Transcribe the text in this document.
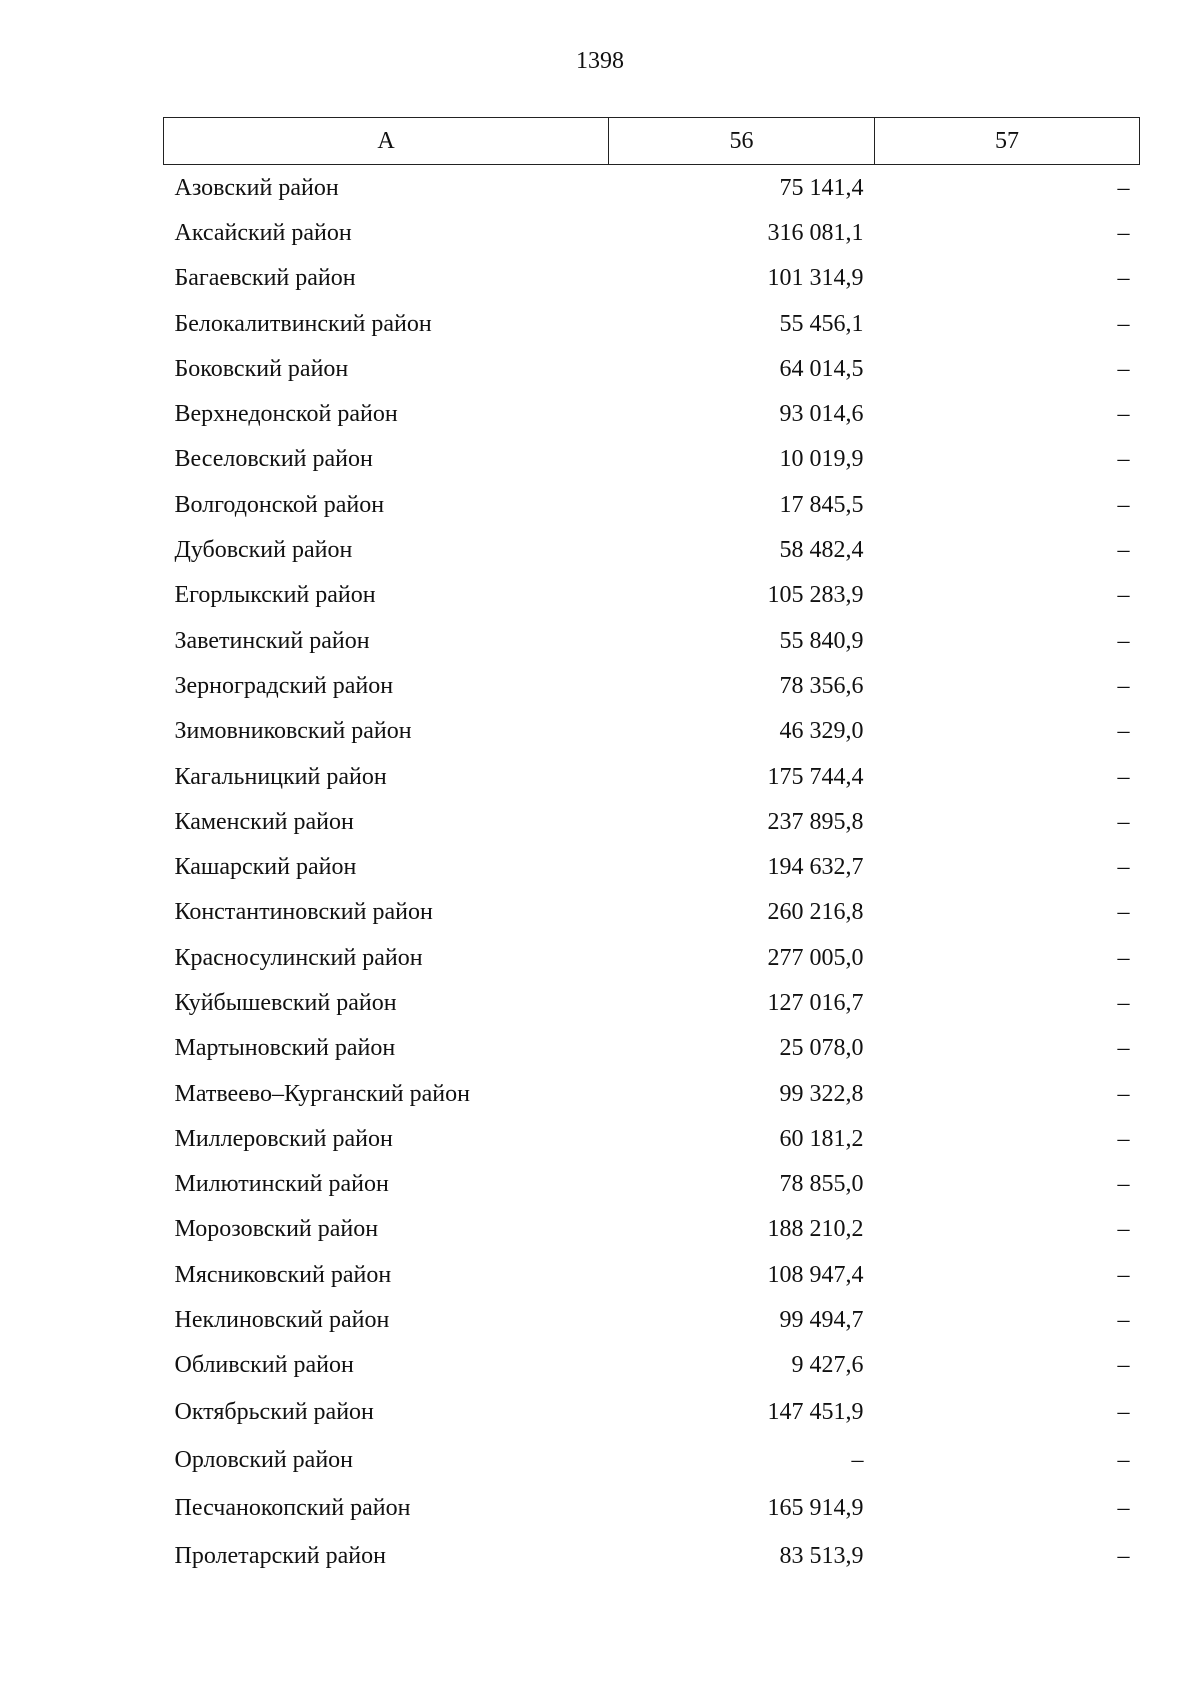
1398
А	56	57
Азовский район	75 141,4	–
Аксайский район	316 081,1	–
Багаевский район	101 314,9	–
Белокалитвинский район	55 456,1	–
Боковский район	64 014,5	–
Верхнедонской район	93 014,6	–
Веселовский район	10 019,9	–
Волгодонской район	17 845,5	–
Дубовский район	58 482,4	–
Егорлыкский район	105 283,9	–
Заветинский район	55 840,9	–
Зерноградский район	78 356,6	–
Зимовниковский район	46 329,0	–
Кагальницкий район	175 744,4	–
Каменский район	237 895,8	–
Кашарский район	194 632,7	–
Константиновский район	260 216,8	–
Красносулинский район	277 005,0	–
Куйбышевский район	127 016,7	–
Мартыновский район	25 078,0	–
Матвеево–Курганский район	99 322,8	–
Миллеровский район	60 181,2	–
Милютинский район	78 855,0	–
Морозовский район	188 210,2	–
Мясниковский район	108 947,4	–
Неклиновский район	99 494,7	–
Обливский район	9 427,6	–
Октябрьский район	147 451,9	–
Орловский район	–	–
Песчанокопский район	165 914,9	–
Пролетарский район	83 513,9	–
